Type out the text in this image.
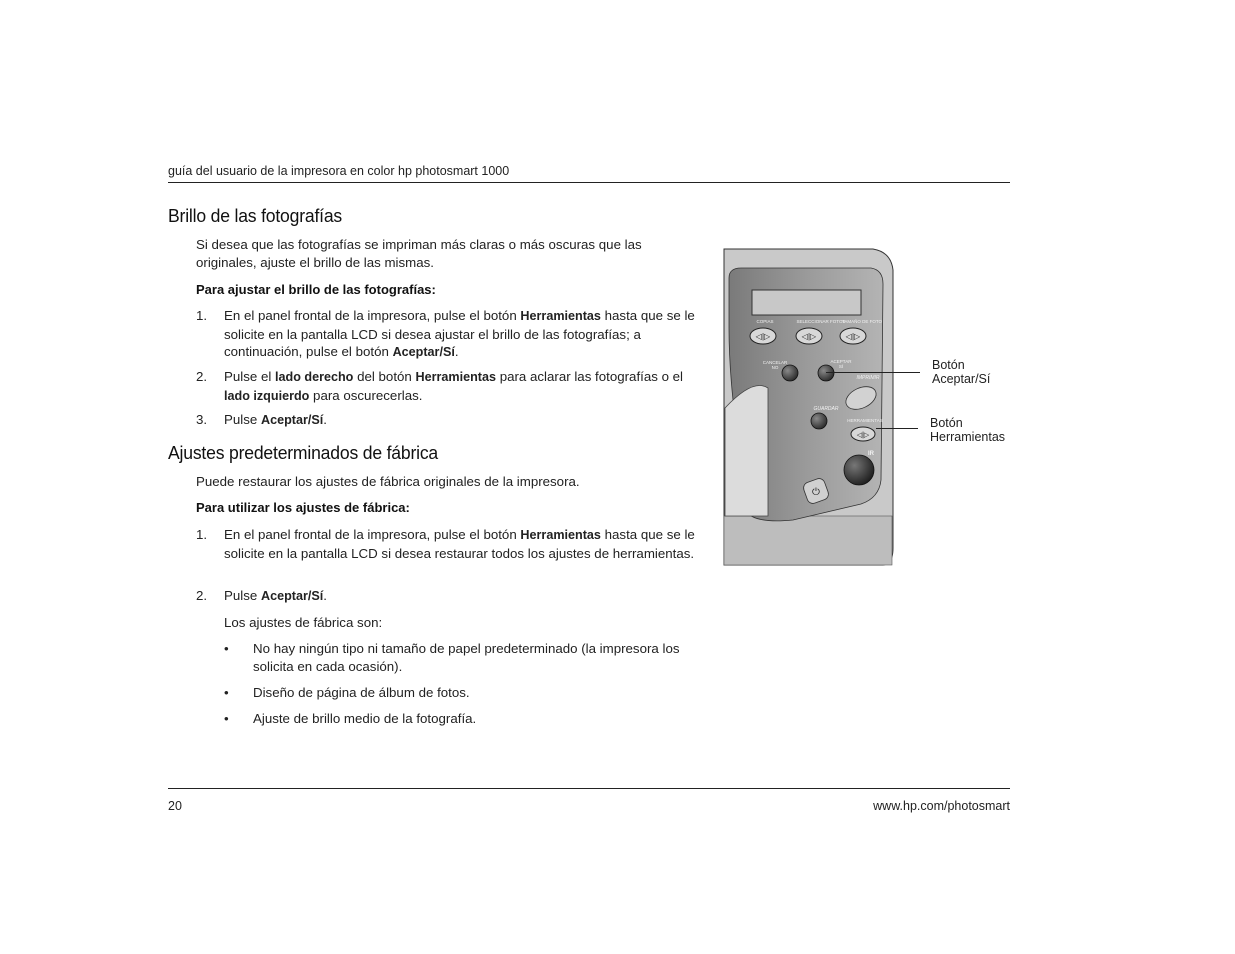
guía del usuario de la impresora en color hp photosmart 1000
Brillo de las fotografías

Si desea que las fotografías se impriman más claras o más oscuras que las
originales, ajuste el brillo de las mismas.

Para ajustar el brillo de las fotografías:

1.	En el panel frontal de la impresora, pulse el botón Herramientas hasta que se le solicite en la pantalla LCD si desea ajustar el brillo de las fotografías; a continuación, pulse el botón Aceptar/Sí.
2.	Pulse el lado derecho del botón Herramientas para aclarar las fotografías o el lado izquierdo para oscurecerlas.
3.	Pulse Aceptar/Sí.
Ajustes predeterminados de fábrica

Puede restaurar los ajustes de fábrica originales de la impresora.

Para utilizar los ajustes de fábrica:

1.	En el panel frontal de la impresora, pulse el botón Herramientas hasta que se le solicite en la pantalla LCD si desea restaurar todos los ajustes de herramientas.
2.	Pulse Aceptar/Sí.

Los ajustes de fábrica son:

•	No hay ningún tipo ni tamaño de papel predeterminado (la impresora los solicita en cada ocasión).
•	Diseño de página de álbum de fotos.
•	Ajuste de brillo medio de la fotografía.
◁|▷	◁|▷	◁|▷
COPIAS	SELECCIONAR FOTOS
TAMAÑO DE FOTO
CANCELAR
NO
ACEPTAR
SÍ
IMPRIMIR
GUARDAR
HERRAMIENTAS
◁|▷
IR
⏻
Botón
Aceptar/Sí
Botón
Herramientas
20	www.hp.com/photosmart
